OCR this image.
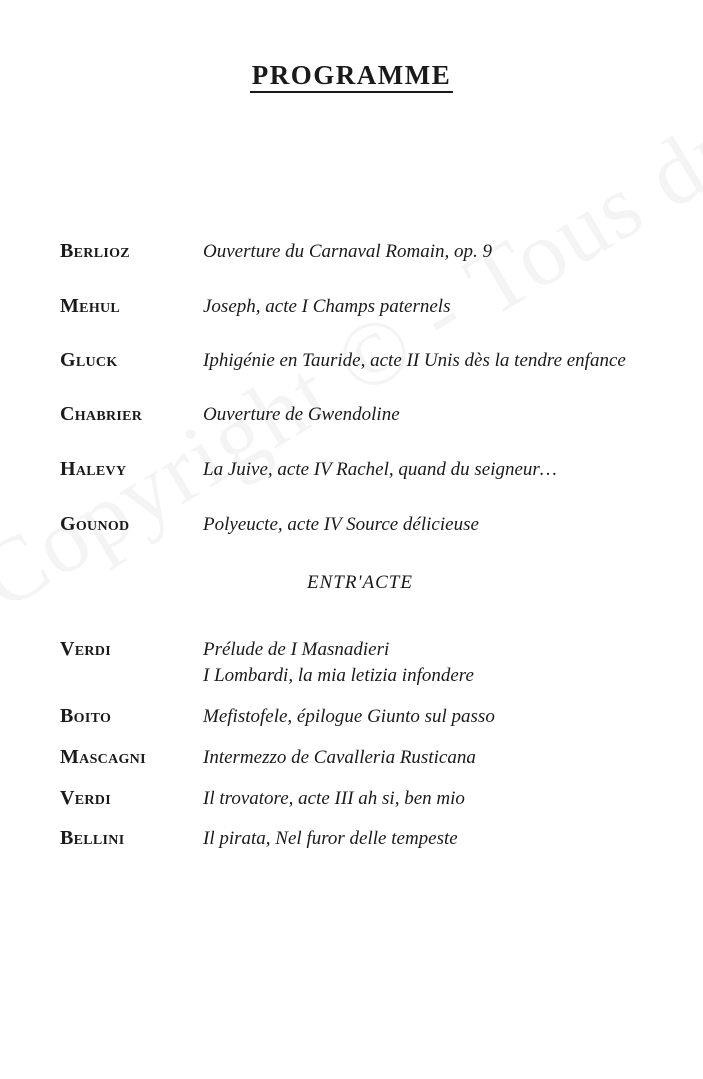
PROGRAMME
Berlioz	Ouverture du Carnaval Romain, op. 9
Mehul	Joseph, acte I Champs paternels
Gluck	Iphigénie en Tauride, acte II Unis dès la tendre enfance
Chabrier	Ouverture de Gwendoline
Halevy	La Juive, acte IV Rachel, quand du seigneur…
Gounod	Polyeucte, acte IV Source délicieuse
ENTR'ACTE
Verdi	Prélude de I Masnadieri
I Lombardi, la mia letizia infondere
Boito	Mefistofele, épilogue Giunto sul passo
Mascagni	Intermezzo de Cavalleria Rusticana
Verdi	Il trovatore, acte III ah si, ben mio
Bellini	Il pirata, Nel furor delle tempeste
